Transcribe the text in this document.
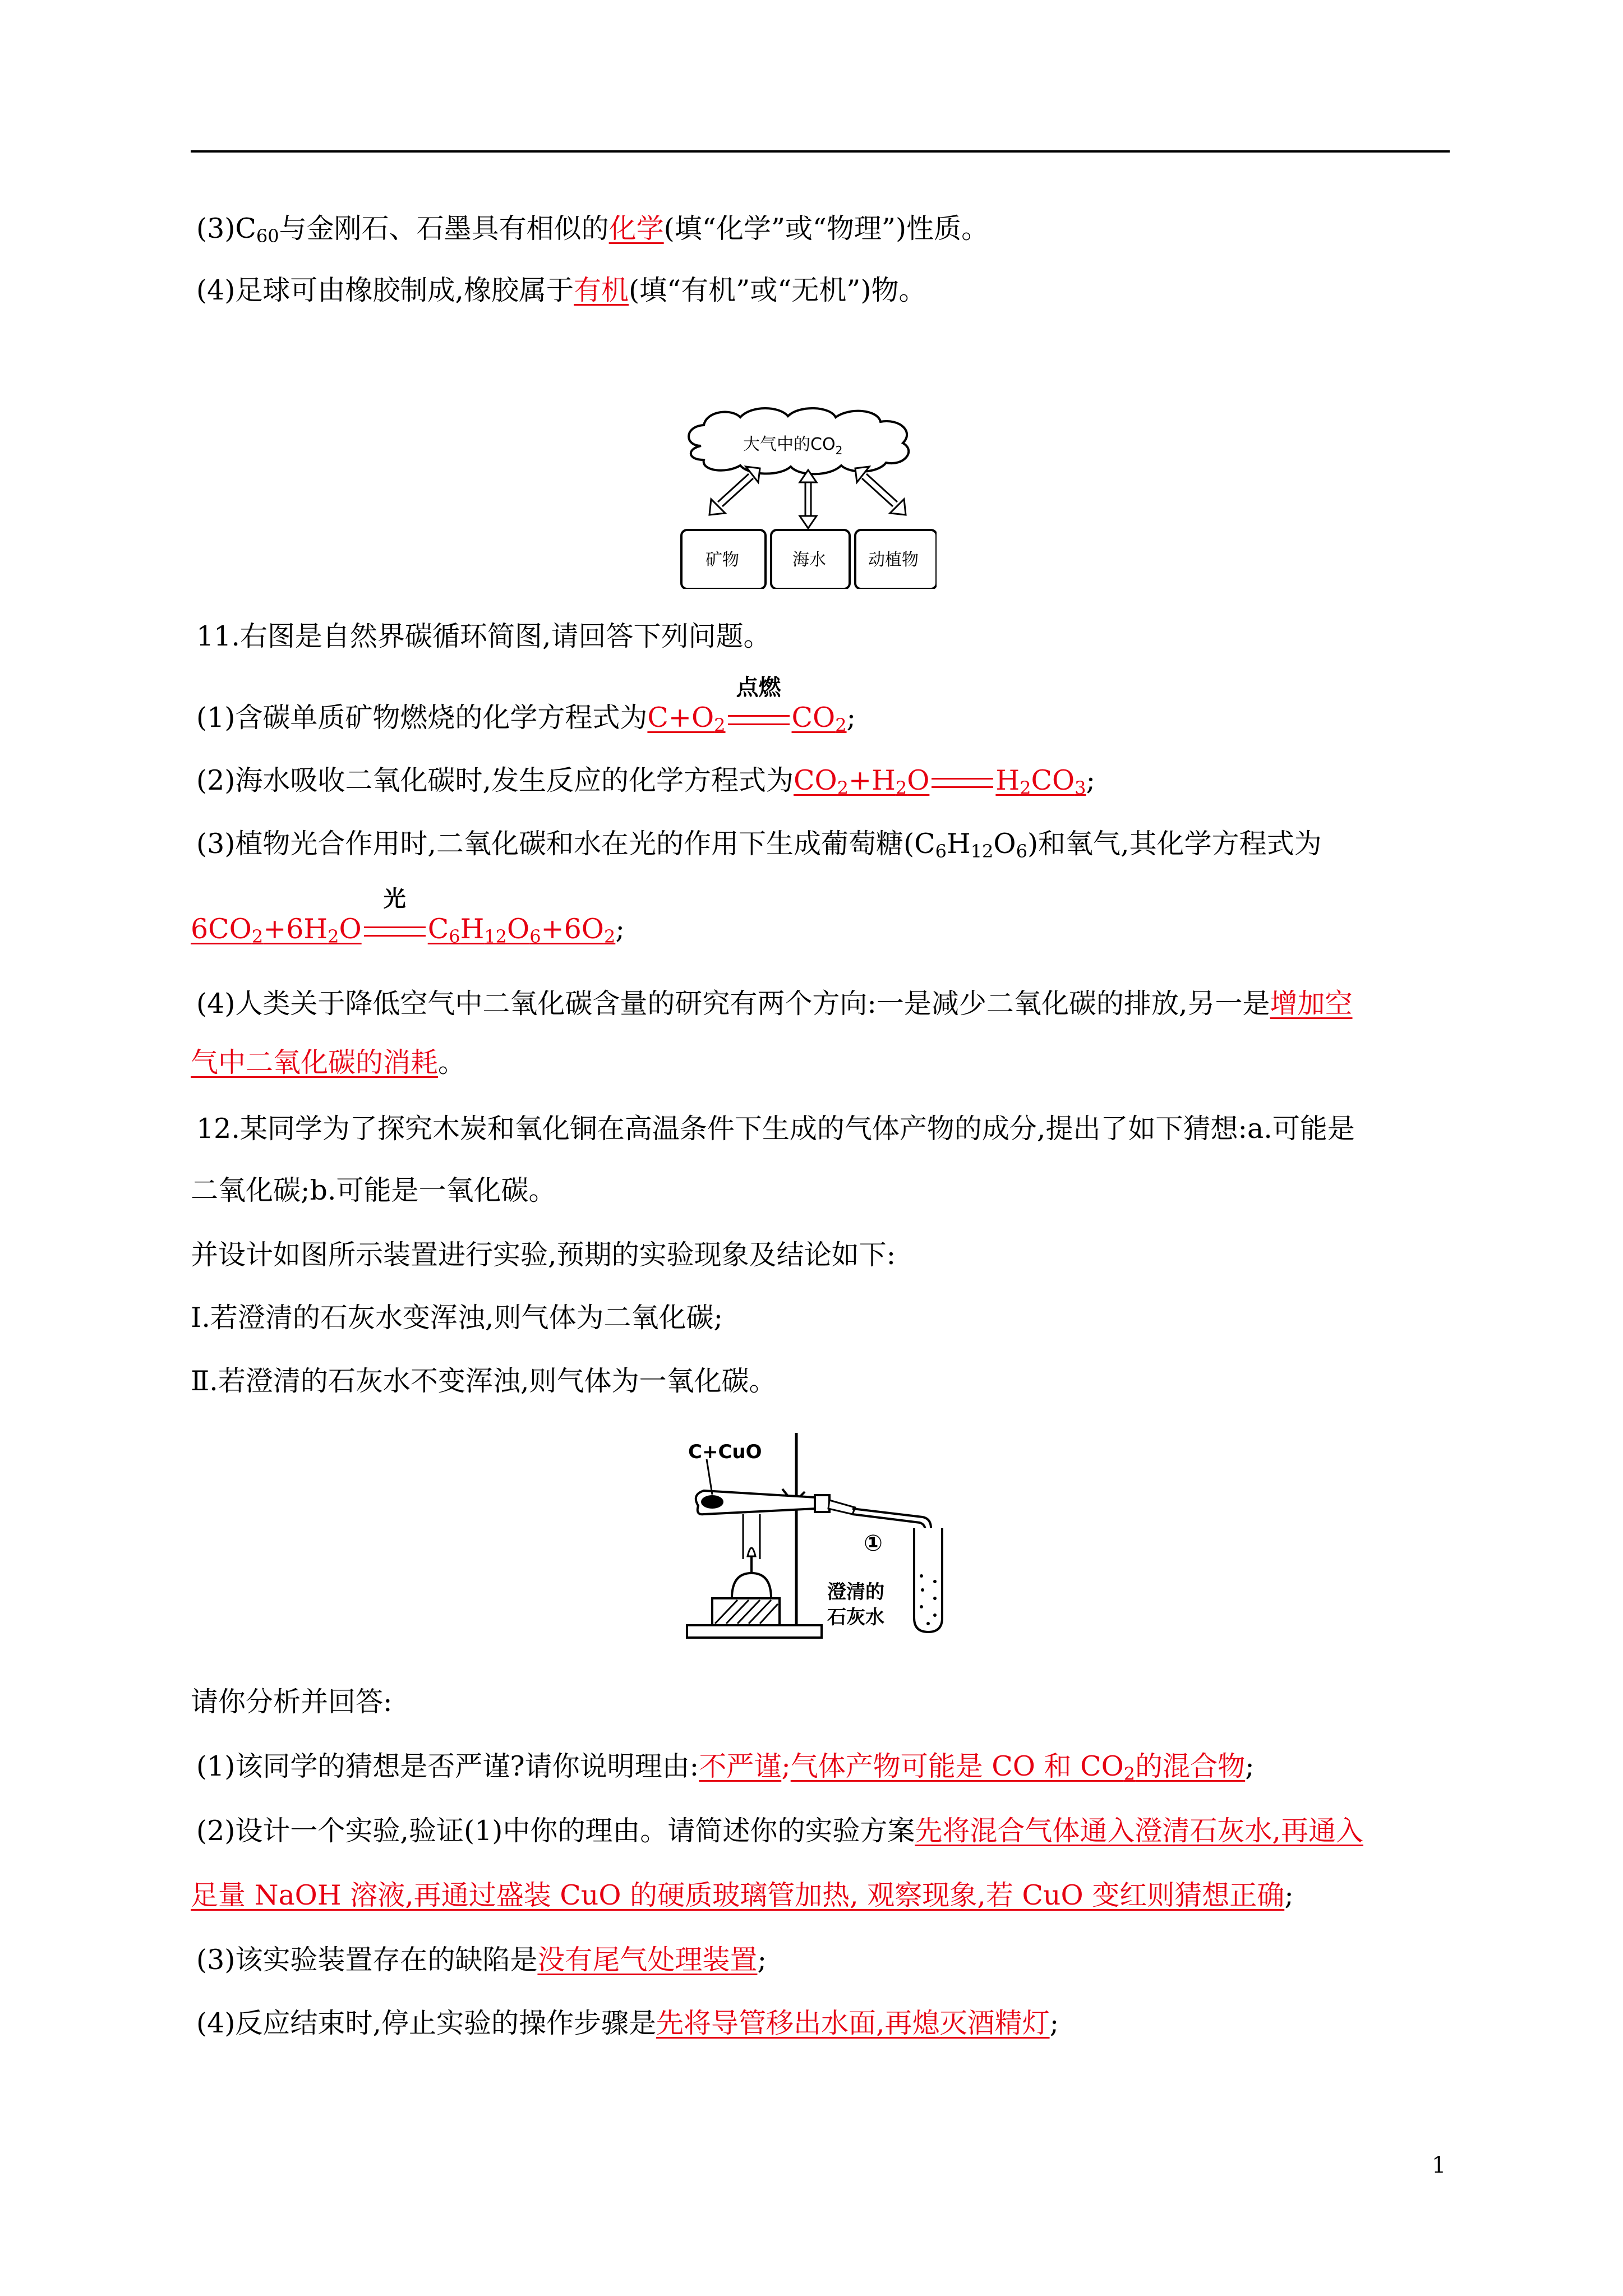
$(3)C_{60}$与金刚石、石墨具有相似的化学(填“化学”或“物理”)性质。
(4)足球可由橡胶制成,橡胶属于有机(填“有机”或“无机”)物。
大气中的$CO_2$
矿物	海水	动植物
11.右图是自然界碳循环简图,请回答下列问题。
(1)含碳单质矿物燃烧的化学方程式为$C+O_2$
点燃
$CO_2$;
(2)海水吸收二氧化碳时,发生反应的化学方程式为$CO_2+H_2O$ $H_2CO_3$;
(3)植物光合作用时,二氧化碳和水在光的作用下生成葡萄糖$(C_6H_{12}O_6)$和氧气,其化学方程式为
$6CO_2+6H_2O$
光
$C_6H_{12}O_6+6O_2$;
(4)人类关于降低空气中二氧化碳含量的研究有两个方向:一是减少二氧化碳的排放,另一是增加空
气中二氧化碳的消耗。
12.某同学为了探究木炭和氧化铜在高温条件下生成的气体产物的成分,提出了如下猜想:a.可能是
二氧化碳;b.可能是一氧化碳。
并设计如图所示装置进行实验,预期的实验现象及结论如下:
Ⅰ.若澄清的石灰水变浑浊,则气体为二氧化碳;
Ⅱ.若澄清的石灰水不变浑浊,则气体为一氧化碳。
C+CuO
①
澄清的
石灰水
请你分析并回答:
(1)该同学的猜想是否严谨?请你说明理由:不严谨;气体产物可能是 CO 和 $CO_2$的混合物;
(2)设计一个实验,验证(1)中你的理由。请简述你的实验方案先将混合气体通入澄清石灰水,再通入
足量 NaOH 溶液,再通过盛装 CuO 的硬质玻璃管加热, 观察现象,若 CuO 变红则猜想正确;
(3)该实验装置存在的缺陷是没有尾气处理装置;
(4)反应结束时,停止实验的操作步骤是先将导管移出水面,再熄灭酒精灯;
1
